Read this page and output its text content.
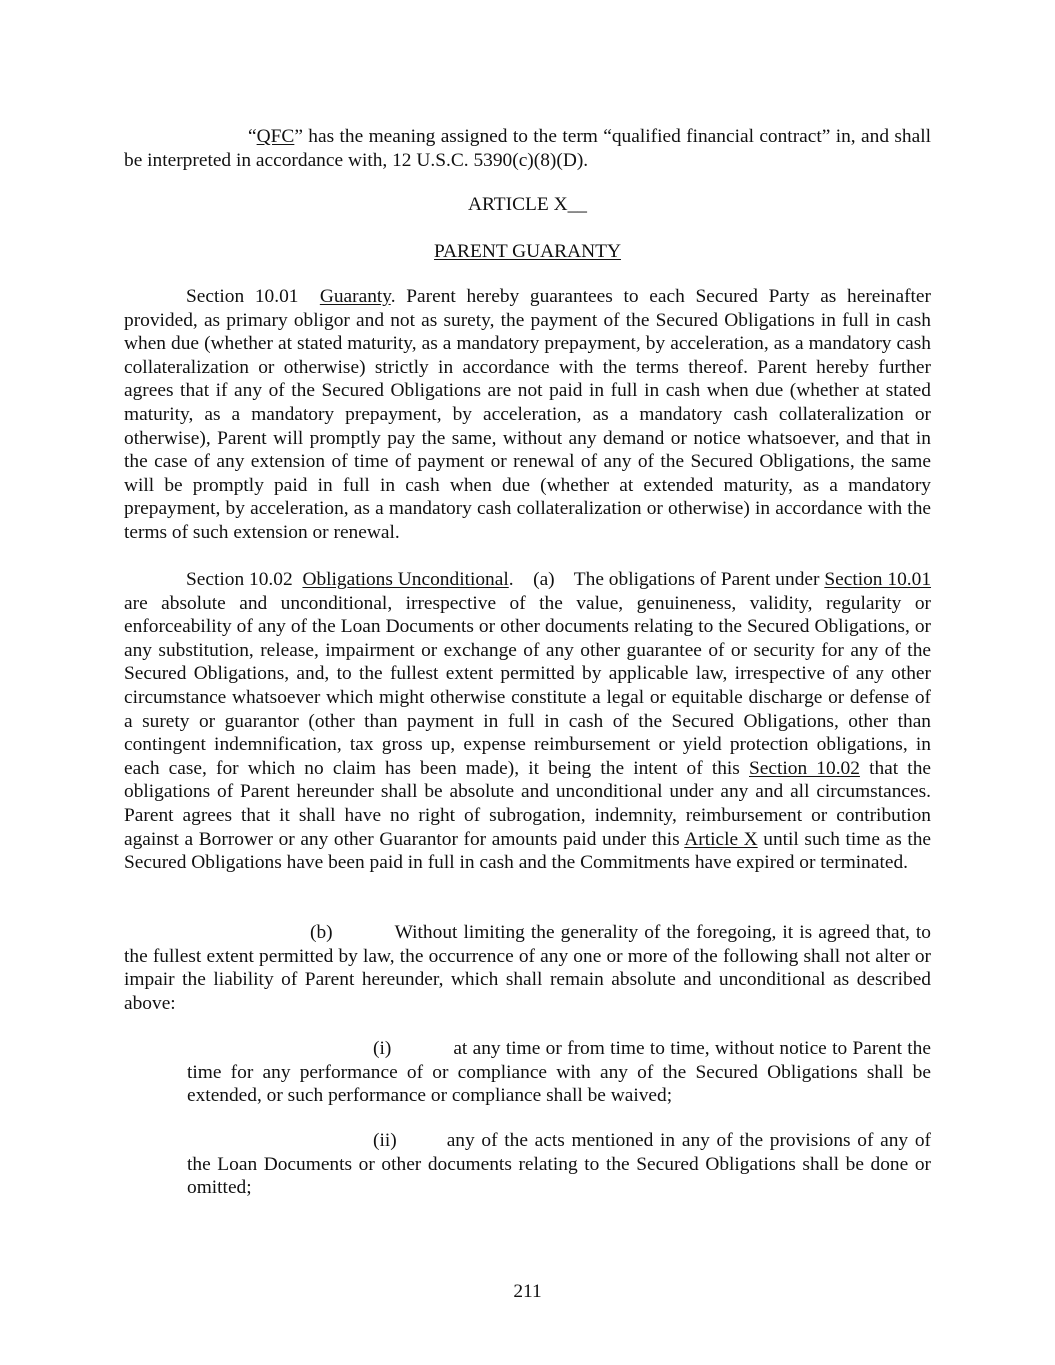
“QFC” has the meaning assigned to the term “qualified financial contract” in, and shall be interpreted in accordance with, 12 U.S.C. 5390(c)(8)(D).
ARTICLE X__
PARENT GUARANTY
Section 10.01 Guaranty. Parent hereby guarantees to each Secured Party as hereinafter provided, as primary obligor and not as surety, the payment of the Secured Obligations in full in cash when due (whether at stated maturity, as a mandatory prepayment, by acceleration, as a mandatory cash collateralization or otherwise) strictly in accordance with the terms thereof. Parent hereby further agrees that if any of the Secured Obligations are not paid in full in cash when due (whether at stated maturity, as a mandatory prepayment, by acceleration, as a mandatory cash collateralization or otherwise), Parent will promptly pay the same, without any demand or notice whatsoever, and that in the case of any extension of time of payment or renewal of any of the Secured Obligations, the same will be promptly paid in full in cash when due (whether at extended maturity, as a mandatory prepayment, by acceleration, as a mandatory cash collateralization or otherwise) in accordance with the terms of such extension or renewal.
Section 10.02 Obligations Unconditional.    (a)    The obligations of Parent under Section 10.01 are absolute and unconditional, irrespective of the value, genuineness, validity, regularity or enforceability of any of the Loan Documents or other documents relating to the Secured Obligations, or any substitution, release, impairment or exchange of any other guarantee of or security for any of the Secured Obligations, and, to the fullest extent permitted by applicable law, irrespective of any other circumstance whatsoever which might otherwise constitute a legal or equitable discharge or defense of a surety or guarantor (other than payment in full in cash of the Secured Obligations, other than contingent indemnification, tax gross up, expense reimbursement or yield protection obligations, in each case, for which no claim has been made), it being the intent of this Section 10.02 that the obligations of Parent hereunder shall be absolute and unconditional under any and all circumstances. Parent agrees that it shall have no right of subrogation, indemnity, reimbursement or contribution against a Borrower or any other Guarantor for amounts paid under this Article X until such time as the Secured Obligations have been paid in full in cash and the Commitments have expired or terminated.
(b)	Without limiting the generality of the foregoing, it is agreed that, to the fullest extent permitted by law, the occurrence of any one or more of the following shall not alter or impair the liability of Parent hereunder, which shall remain absolute and unconditional as described above:
(i)	at any time or from time to time, without notice to Parent the time for any performance of or compliance with any of the Secured Obligations shall be extended, or such performance or compliance shall be waived;
(ii)	any of the acts mentioned in any of the provisions of any of the Loan Documents or other documents relating to the Secured Obligations shall be done or omitted;
211
